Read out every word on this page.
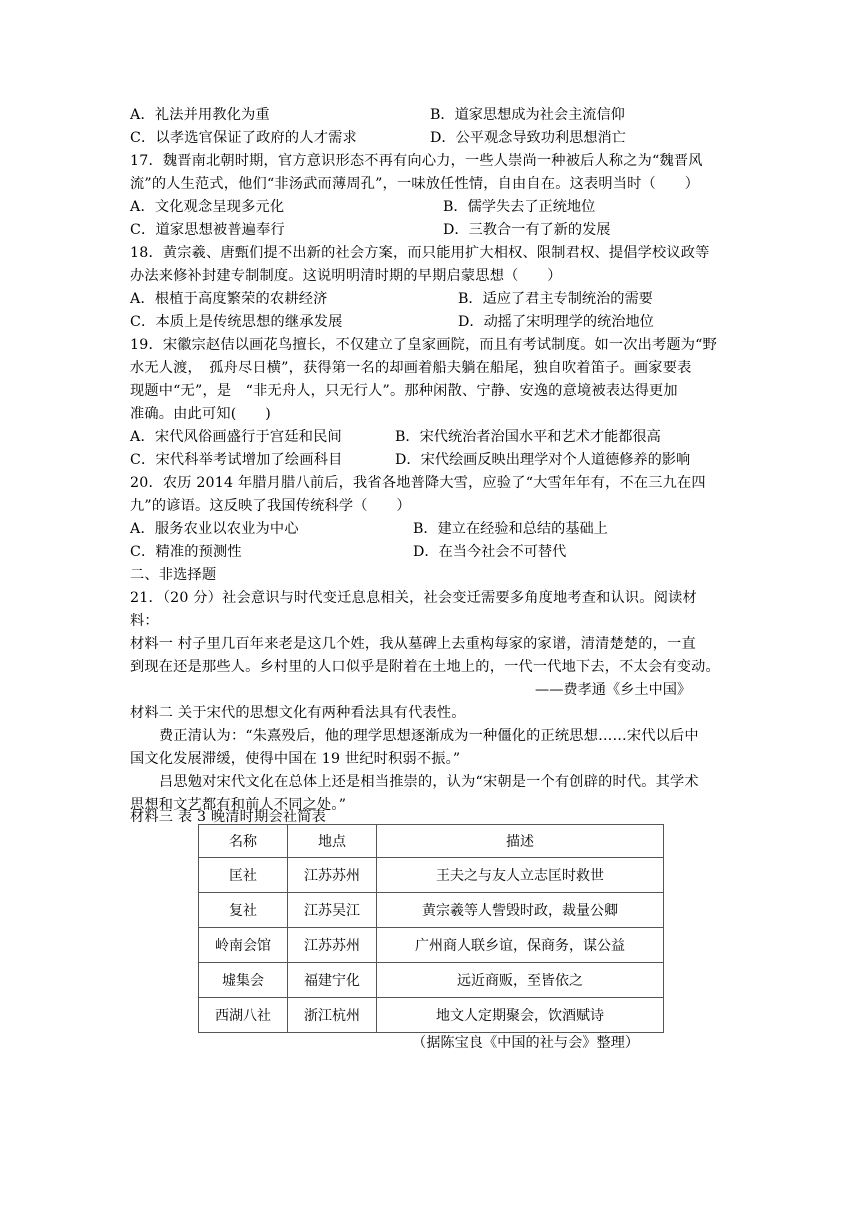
A．礼法并用教化为重	B．道家思想成为社会主流信仰
C．以孝选官保证了政府的人才需求	D．公平观念导致功利思想消亡
17．魏晋南北朝时期，官方意识形态不再有向心力，一些人崇尚一种被后人称之为“魏晋风
流”的人生范式，他们“非汤武而薄周孔”，一味放任性情，自由自在。这表明当时（　　）
A．文化观念呈现多元化	B．儒学失去了正统地位
C．道家思想被普遍奉行	D．三教合一有了新的发展
18．黄宗羲、唐甄们提不出新的社会方案，而只能用扩大相权、限制君权、提倡学校议政等
办法来修补封建专制制度。这说明明清时期的早期启蒙思想（　　）
A．根植于高度繁荣的农耕经济	B．适应了君主专制统治的需要
C．本质上是传统思想的继承发展	D．动摇了宋明理学的统治地位
19．宋徽宗赵佶以画花鸟擅长，不仅建立了皇家画院，而且有考试制度。如一次出考题为“野
水无人渡，　孤舟尽日横”，获得第一名的却画着船夫躺在船尾，独自吹着笛子。画家要表
现题中“无”，是　“非无舟人，只无行人”。那种闲散、宁静、安逸的意境被表达得更加
准确。由此可知(　　)
A．宋代风俗画盛行于宫廷和民间	B．宋代统治者治国水平和艺术才能都很高
C．宋代科举考试增加了绘画科目	D．宋代绘画反映出理学对个人道德修养的影响
20．农历 2014 年腊月腊八前后，我省各地普降大雪，应验了“大雪年年有，不在三九在四
九”的谚语。这反映了我国传统科学（　　）
A．服务农业以农业为中心	B．建立在经验和总结的基础上
C．精准的预测性	D．在当今社会不可替代
二、非选择题
21．（20 分）社会意识与时代变迁息息相关，社会变迁需要多角度地考查和认识。阅读材
料：
材料一 村子里几百年来老是这几个姓，我从墓碑上去重构每家的家谱，清清楚楚的，一直
到现在还是那些人。乡村里的人口似乎是附着在土地上的，一代一代地下去，不太会有变动。
——费孝通《乡土中国》
材料二 关于宋代的思想文化有两种看法具有代表性。
费正清认为：“朱熹殁后，他的理学思想逐渐成为一种僵化的正统思想……宋代以后中
国文化发展滞缓，使得中国在 19 世纪时积弱不振。”
吕思勉对宋代文化在总体上还是相当推崇的，认为“宋朝是一个有创辟的时代。其学术
思想和文艺都有和前人不同之处。”
材料三 表 3 晚清时期会社简表
名称	地点	描述
匡社	江苏苏州	王夫之与友人立志匡时救世
复社	江苏吴江	黄宗羲等人訾毁时政，裁量公卿
岭南会馆	江苏苏州	广州商人联乡谊，保商务，谋公益
墟集会	福建宁化	远近商贩，至皆依之
西湖八社	浙江杭州	地文人定期聚会，饮酒赋诗
（据陈宝良《中国的社与会》整理）
